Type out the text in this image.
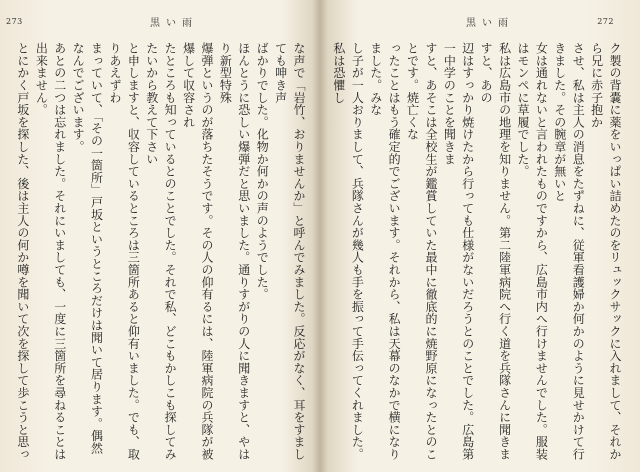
273	黒い雨

な声で「岩竹、おりませんか」と呼んでみました。反応がなく、耳をすましても呻き声

ばかりでした。化物か何かの声のようでした。

ほんとうに恐しい爆弾だと思いました。通りすがりの人に聞きますと、やはり新型特殊

爆弾というのが落ちたそうです。その人の仰有るには、陸軍病院の兵隊が被爆して収容され

たところも知っているとのことでした。それで私、どこもかしこも探してみたいから教えて下さい

と申しますと、収容しているところは三箇所あると仰有いました。でも、取りあえずわ

まっていて、「その一箇所」戸坂というところだけは聞いて居ります。偶然なんでございます。

あとの二つは忘れました。それにいましても、一度に三箇所を尋ねることは出来ません。

とにかく戸坂を探した、後は主人の何か噂を聞いて次を探して歩こうと思っ

272
黒い雨

ク製の背嚢に薬をいっぱい詰めたのをリュックサックに入れまして、それから兄に赤子抱か

させ、私は主人の消息をたずねに、従軍看護婦か何かのように見せかけて行きました。その腕章が無いと

女は通れないと言われたものですから、広島市内へ行けませんでした。服装はモンペに草履でした。

私は広島市の地理を知りません。第二陸軍病院へ行く道を兵隊さんに聞きますと、あの

辺はすっかり焼けたから行っても仕様がないだろうとのことでした。広島第一中学のことを聞きま

すと、あそこは全校生が鑑賞していた最中に徹底的に焼野原になったとのことです。焼亡くな

ったことはもう確定的でございます。それから、私は天幕のなかで横になりました。みな

し子が一人おりまして、兵隊さんが幾人も手を振って手伝ってくれました。私は恐懼し
